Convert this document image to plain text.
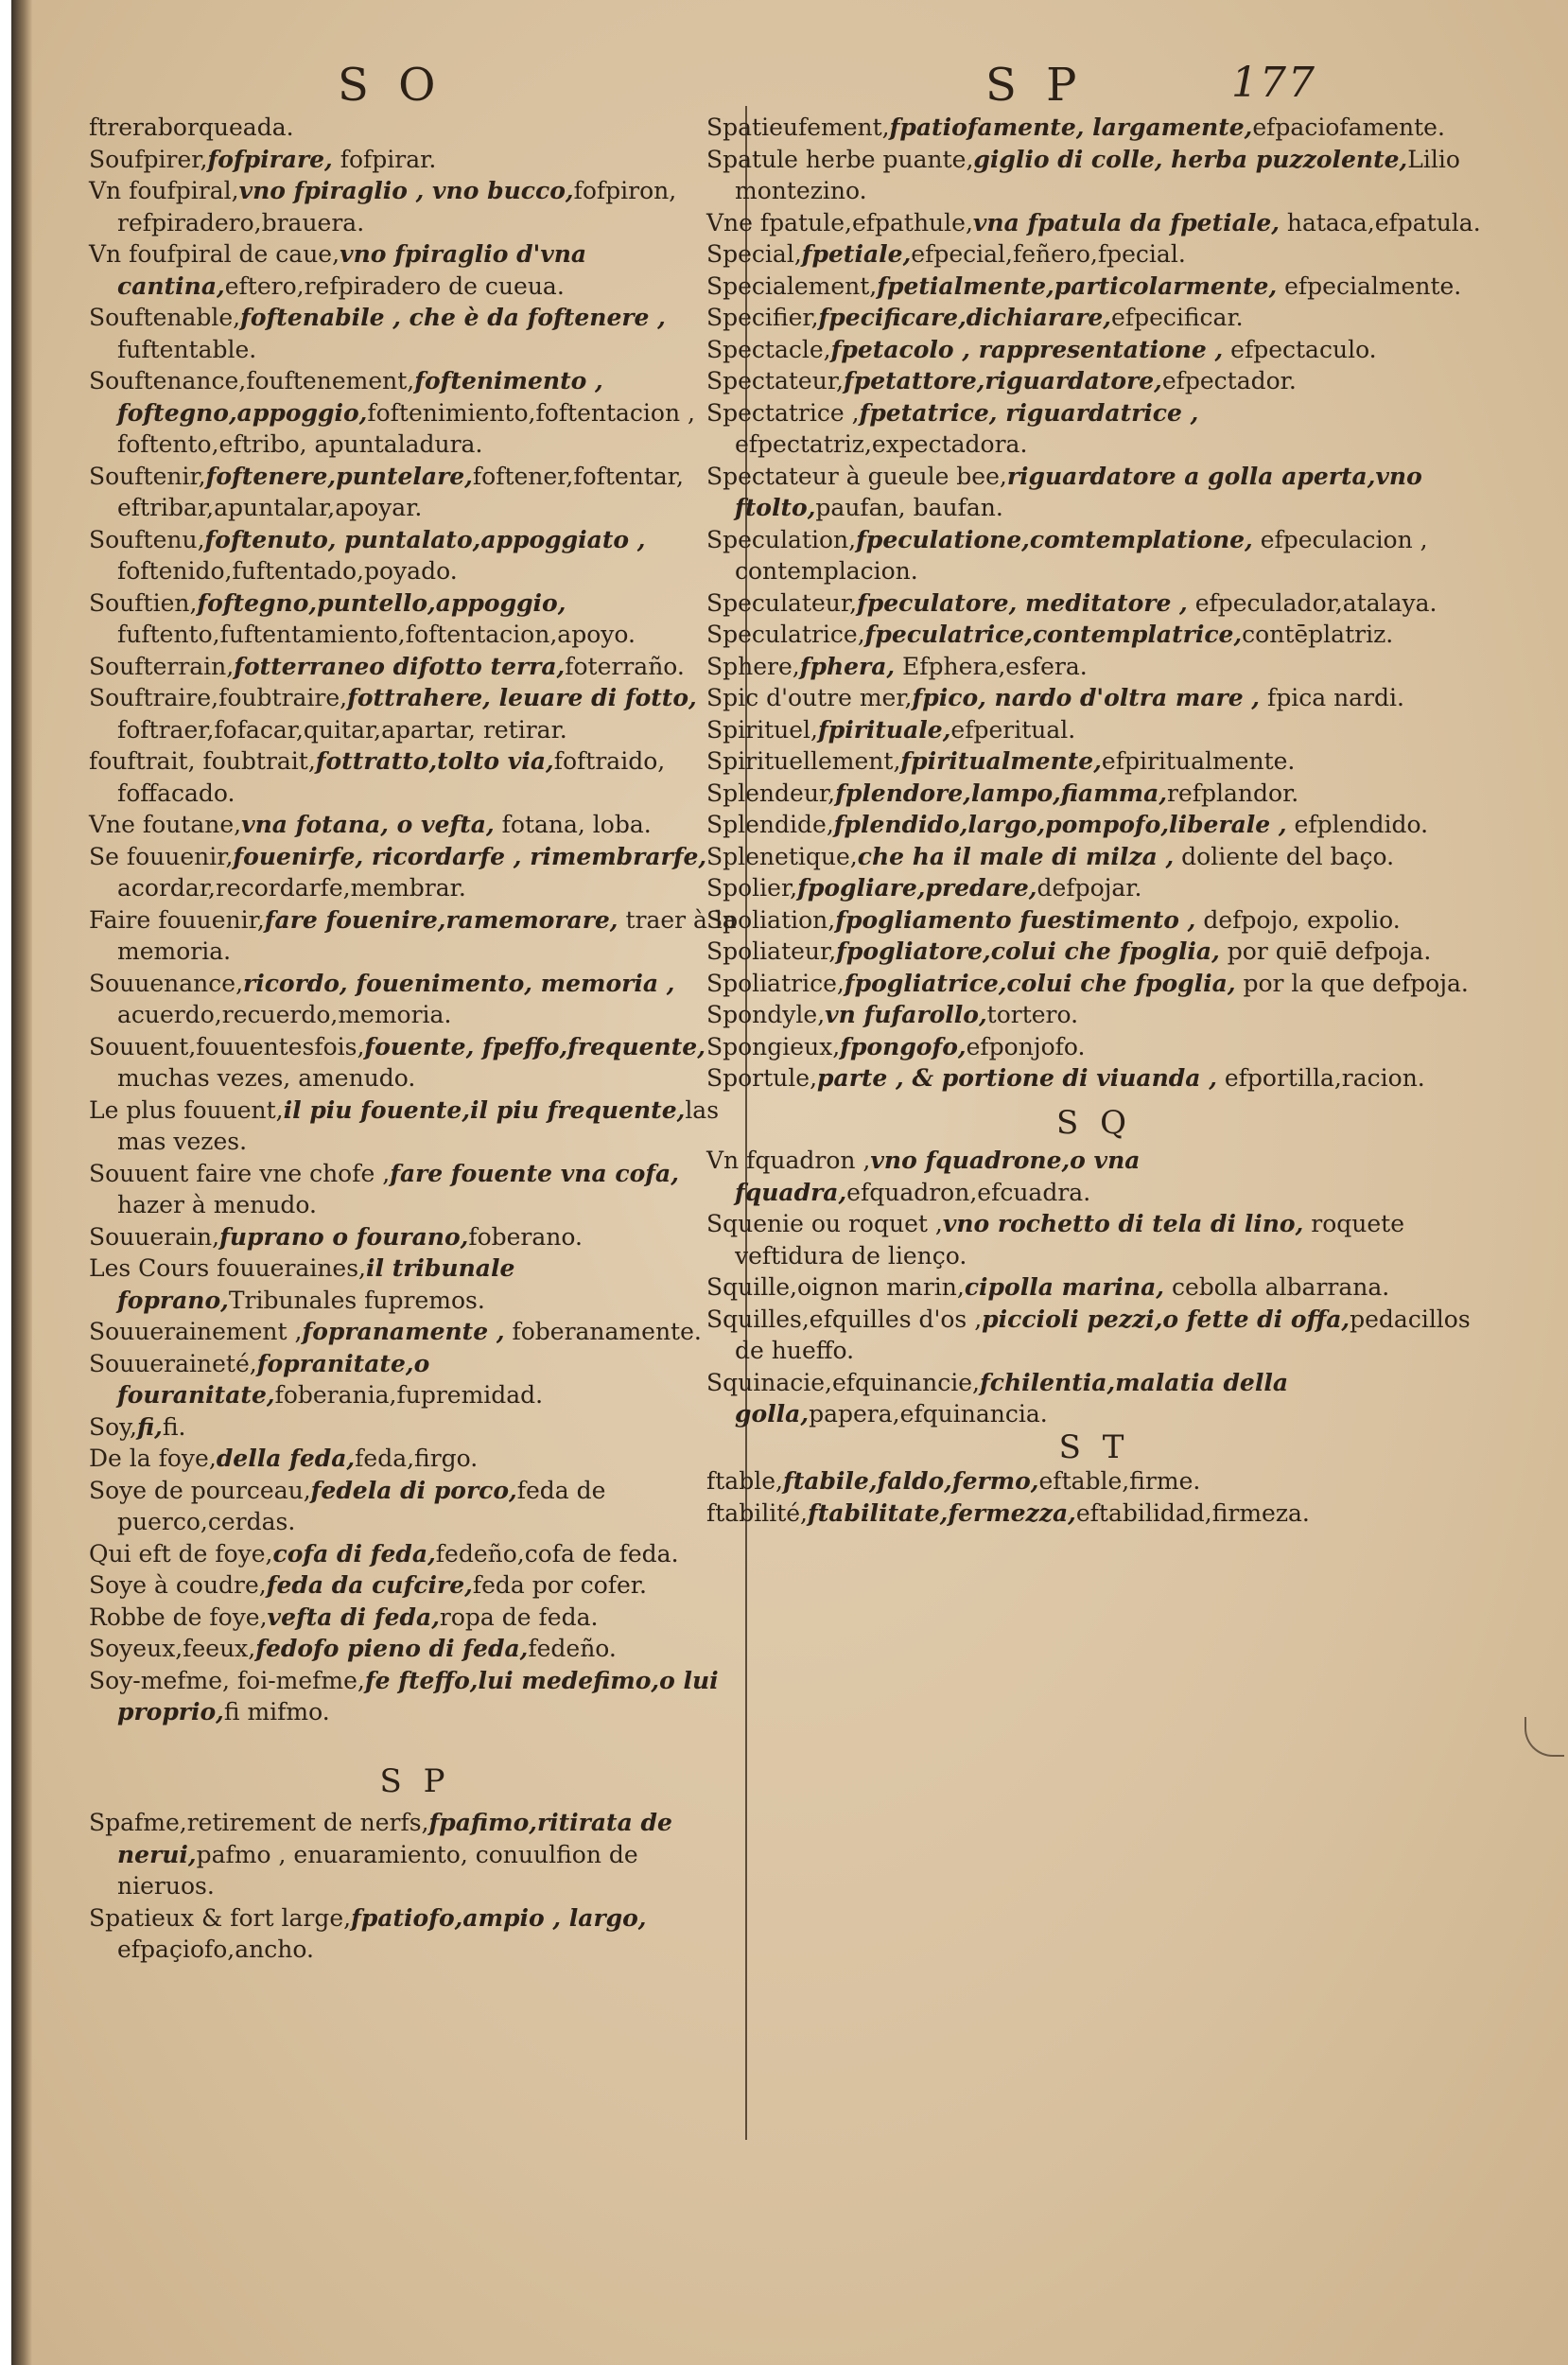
S O	S P	177

ftreraborqueada.

Soufpirer,fofpirare, fofpirar.

Vn foufpiral,vno fpiraglio , vno bucco,fofpiron, refpiradero,brauera.

Vn foufpiral de caue,vno fpiraglio d'vna cantina,eftero,refpiradero de cueua.

Souftenable,foftenabile , che è da foftenere , fuftentable.

Souftenance,fouftenement,foftenimento , foftegno,appoggio,foftenimiento,foftentacion , foftento,eftribo, apuntaladura.

Souftenir,foftenere,puntelare,foftener,foftentar, eftribar,apuntalar,apoyar.

Souftenu,foftenuto, puntalato,appoggiato , foftenido,fuftentado,poyado.

Souftien,foftegno,puntello,appoggio, fuftento,fuftentamiento,foftentacion,apoyo.

Soufterrain,fotterraneo difotto terra,foterraño.

Souftraire,foubtraire,fottrahere, leuare di fotto, foftraer,fofacar,quitar,apartar, retirar.

fouftrait, foubtrait,fottratto,tolto via,foftraido, foffacado.

Vne foutane,vna fotana, o vefta, fotana, loba.

Se fouuenir,fouenirfe, ricordarfe , rimembrarfe, acordar,recordarfe,membrar.

Faire fouuenir,fare fouenire,ramemorare, traer à la memoria.

Souuenance,ricordo, fouenimento, memoria , acuerdo,recuerdo,memoria.

Souuent,fouuentesfois,fouente, fpeffo,frequente, muchas vezes, amenudo.

Le plus fouuent,il piu fouente,il piu frequente,las mas vezes.

Souuent faire vne chofe ,fare fouente vna cofa, hazer à menudo.

Souuerain,fuprano o fourano,foberano.

Les Cours fouueraines,il tribunale foprano,Tribunales fupremos.

Souuerainement ,fopranamente , foberanamente.

Souueraineté,fopranitate,o fouranitate,foberania,fupremidad.

Soy,fi,fi.

De la foye,della feda,feda,firgo.

Soye de pourceau,fedela di porco,feda de puerco,cerdas.

Qui eft de foye,cofa di feda,fedeño,cofa de feda.

Soye à coudre,feda da cufcire,feda por cofer.

Robbe de foye,vefta di feda,ropa de feda.

Soyeux,feeux,fedofo pieno di feda,fedeño.

Soy-mefme, foi-mefme,fe fteffo,lui medefimo,o lui proprio,fi mifmo.

S P

Spafme,retirement de nerfs,fpafimo,ritirata de nerui,pafmo , enuaramiento, conuulfion de nieruos.

Spatieux & fort large,fpatiofo,ampio , largo, efpaçiofo,ancho.

Spatieufement,fpatiofamente, largamente,efpaciofamente.

Spatule herbe puante,giglio di colle, herba puzzolente,Lilio montezino.

Vne fpatule,efpathule,vna fpatula da fpetiale, hataca,efpatula.

Special,fpetiale,efpecial,feñero,fpecial.

Specialement,fpetialmente,particolarmente, efpecialmente.

Specifier,fpecificare,dichiarare,efpecificar.

Spectacle,fpetacolo , rappresentatione , efpectaculo.

Spectateur,fpetattore,riguardatore,efpectador.

Spectatrice ,fpetatrice, riguardatrice , efpectatriz,expectadora.

Spectateur à gueule bee,riguardatore a golla aperta,vno ftolto,paufan, baufan.

Speculation,fpeculatione,comtemplatione, efpeculacion , contemplacion.

Speculateur,fpeculatore, meditatore , efpeculador,atalaya.

Speculatrice,fpeculatrice,contemplatrice,contēplatriz.

Sphere,fphera, Efphera,esfera.

Spic d'outre mer,fpico, nardo d'oltra mare , fpica nardi.

Spirituel,fpirituale,efperitual.

Spirituellement,fpiritualmente,efpiritualmente.

Splendeur,fplendore,lampo,fiamma,refplandor.

Splendide,fplendido,largo,pompofo,liberale , efplendido.

Splenetique,che ha il male di milza , doliente del baço.

Spolier,fpogliare,predare,defpojar.

Spoliation,fpogliamento fuestimento , defpojo, expolio.

Spoliateur,fpogliatore,colui che fpoglia, por quiē defpoja.

Spoliatrice,fpogliatrice,colui che fpoglia, por la que defpoja.

Spondyle,vn fufarollo,tortero.

Spongieux,fpongofo,efponjofo.

Sportule,parte , & portione di viuanda , efportilla,racion.

S Q

Vn fquadron ,vno fquadrone,o vna fquadra,efquadron,efcuadra.

Squenie ou roquet ,vno rochetto di tela di lino, roquete veftidura de lienço.

Squille,oignon marin,cipolla marina, cebolla albarrana.

Squilles,efquilles d'os ,piccioli pezzi,o fette di offa,pedacillos de hueffo.

Squinacie,efquinancie,fchilentia,malatia della golla,papera,efquinancia.

S T

ftable,ftabile,faldo,fermo,eftable,firme.

ftabilité,ftabilitate,fermezza,eftabilidad,firmeza.
